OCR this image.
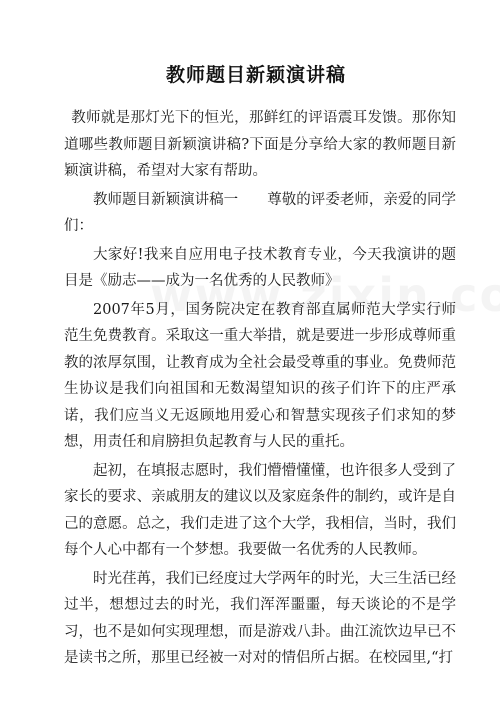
教师题目新颖演讲稿

教师就是那灯光下的恒光，那鲜红的评语震耳发馈。那你知道哪些教师题目新颖演讲稿?下面是分享给大家的教师题目新颖演讲稿，希望对大家有帮助。

教师题目新颖演讲稿一　　尊敬的评委老师，亲爱的同学们：

大家好!我来自应用电子技术教育专业，今天我演讲的题目是《励志——成为一名优秀的人民教师》

2007年5月，国务院决定在教育部直属师范大学实行师范生免费教育。采取这一重大举措，就是要进一步形成尊师重教的浓厚氛围，让教育成为全社会最受尊重的事业。免费师范生协议是我们向祖国和无数渴望知识的孩子们许下的庄严承诺，我们应当义无返顾地用爱心和智慧实现孩子们求知的梦想，用责任和肩膀担负起教育与人民的重托。

起初，在填报志愿时，我们懵懵懂懂，也许很多人受到了家长的要求、亲戚朋友的建议以及家庭条件的制约，或许是自己的意愿。总之，我们走进了这个大学，我相信，当时，我们每个人心中都有一个梦想。我要做一名优秀的人民教师。

时光荏苒，我们已经度过大学两年的时光，大三生活已经过半，想想过去的时光，我们浑浑噩噩，每天谈论的不是学习，也不是如何实现理想，而是游戏八卦。曲江流饮边早已不是读书之所，那里已经被一对对的情侣所占据。在校园里,“打
